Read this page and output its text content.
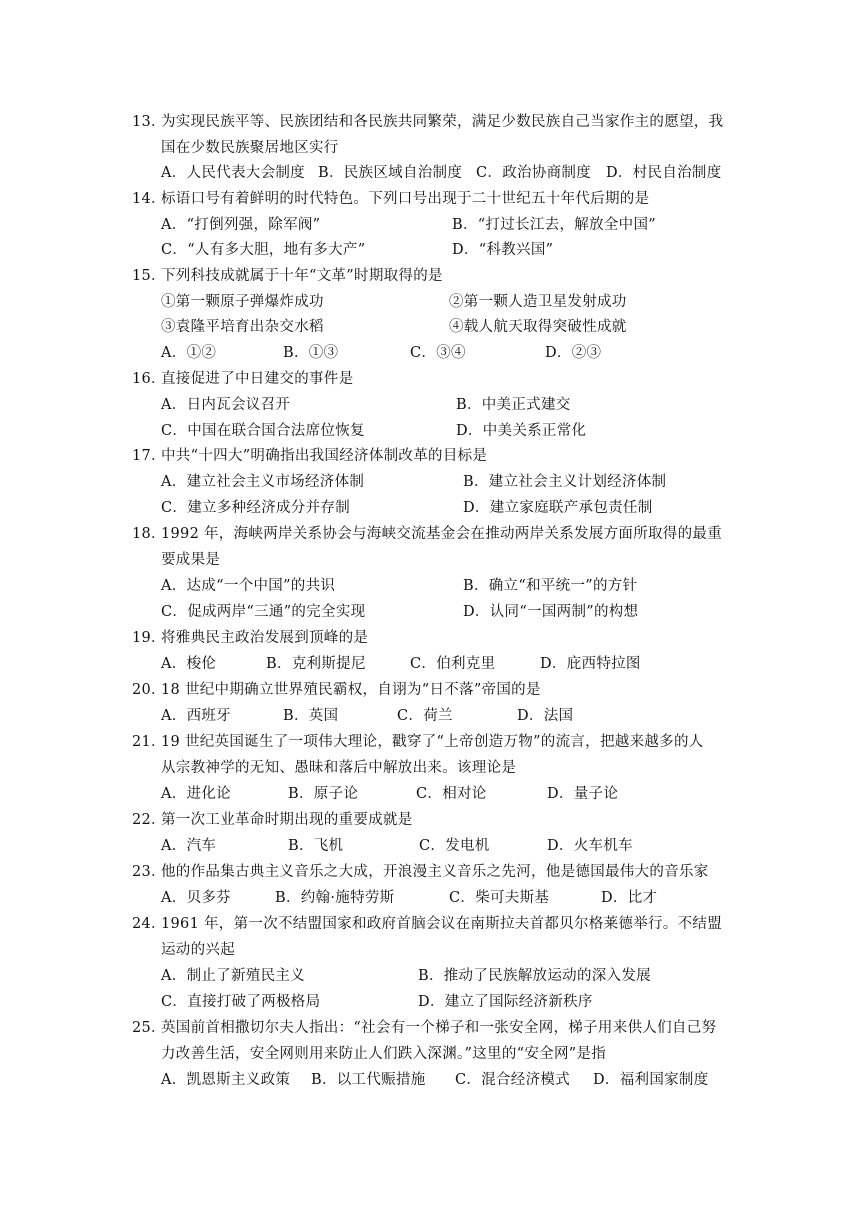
13．
为实现民族平等、民族团结和各民族共同繁荣，满足少数民族自己当家作主的愿望，我
国在少数民族聚居地区实行
A．人民代表大会制度 B．民族区域自治制度 C．政治协商制度 D．村民自治制度
14．
标语口号有着鲜明的时代特色。下列口号出现于二十世纪五十年代后期的是
A．“打倒列强，除军阀”	B．“打过长江去，解放全中国”
C．“人有多大胆，地有多大产”	D．“科教兴国”
15．
下列科技成就属于十年“文革”时期取得的是
①第一颗原子弹爆炸成功	②第一颗人造卫星发射成功
③袁隆平培育出杂交水稻	④载人航天取得突破性成就
A．①②	B．①③	C．③④	D．②③
16．
直接促进了中日建交的事件是
A．日内瓦会议召开	B．中美正式建交
C．中国在联合国合法席位恢复	D．中美关系正常化
17．
中共“十四大”明确指出我国经济体制改革的目标是
A．建立社会主义市场经济体制	B．建立社会主义计划经济体制
C．建立多种经济成分并存制	D．建立家庭联产承包责任制
18．
1992 年，海峡两岸关系协会与海峡交流基金会在推动两岸关系发展方面所取得的最重
要成果是
A．达成“一个中国”的共识	B．确立“和平统一”的方针
C．促成两岸“三通”的完全实现	D．认同“一国两制”的构想
19．
将雅典民主政治发展到顶峰的是
A．梭伦	B．克利斯提尼	C．伯利克里	D．庇西特拉图
20．
18 世纪中期确立世界殖民霸权，自诩为“日不落”帝国的是
A．西班牙	B．英国	C．荷兰	D．法国
21．
19 世纪英国诞生了一项伟大理论，戳穿了“上帝创造万物”的流言，把越来越多的人
从宗教神学的无知、愚昧和落后中解放出来。该理论是
A．进化论	B．原子论	C．相对论	D．量子论
22．
第一次工业革命时期出现的重要成就是
A．汽车	B．飞机	C．发电机	D．火车机车
23．
他的作品集古典主义音乐之大成，开浪漫主义音乐之先河，他是德国最伟大的音乐家
A．贝多芬	B．约翰·施特劳斯	C．柴可夫斯基	D．比才
24．
1961 年，第一次不结盟国家和政府首脑会议在南斯拉夫首都贝尔格莱德举行。不结盟
运动的兴起
A．制止了新殖民主义	B．推动了民族解放运动的深入发展
C．直接打破了两极格局	D．建立了国际经济新秩序
25．
英国前首相撒切尔夫人指出：“社会有一个梯子和一张安全网，梯子用来供人们自己努
力改善生活，安全网则用来防止人们跌入深渊。”这里的“安全网”是指
A．凯恩斯主义政策 B．以工代赈措施 C．混合经济模式 D．福利国家制度
